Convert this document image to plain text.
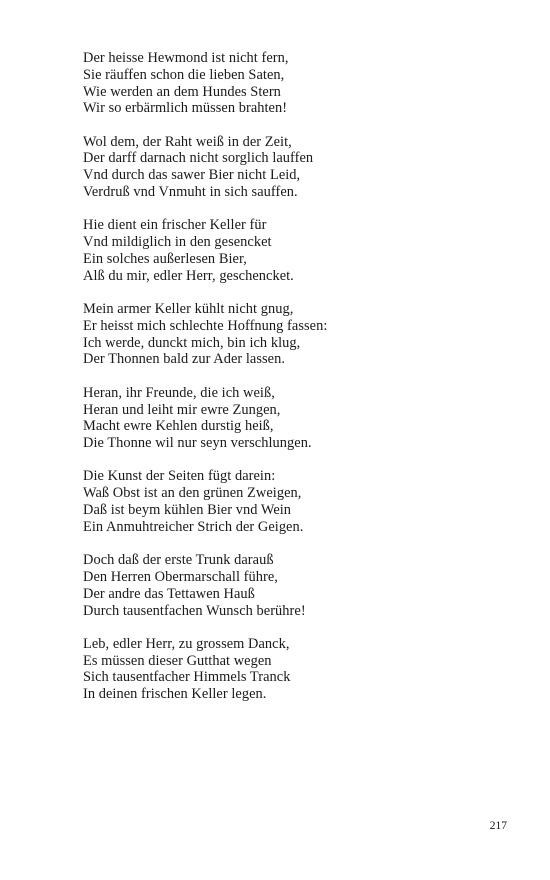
Der heisse Hewmond ist nicht fern,
Sie räuffen schon die lieben Saten,
Wie werden an dem Hundes Stern
Wir so erbärmlich müssen brahten!
Wol dem, der Raht weiß in der Zeit,
Der darff darnach nicht sorglich lauffen
Vnd durch das sawer Bier nicht Leid,
Verdruß vnd Vnmuht in sich sauffen.
Hie dient ein frischer Keller für
Vnd mildiglich in den gesencket
Ein solches außerlesen Bier,
Alß du mir, edler Herr, geschencket.
Mein armer Keller kühlt nicht gnug,
Er heisst mich schlechte Hoffnung fassen:
Ich werde, dunckt mich, bin ich klug,
Der Thonnen bald zur Ader lassen.
Heran, ihr Freunde, die ich weiß,
Heran und leiht mir ewre Zungen,
Macht ewre Kehlen durstig heiß,
Die Thonne wil nur seyn verschlungen.
Die Kunst der Seiten fügt darein:
Waß Obst ist an den grünen Zweigen,
Daß ist beym kühlen Bier vnd Wein
Ein Anmuhtreicher Strich der Geigen.
Doch daß der erste Trunk darauß
Den Herren Obermarschall führe,
Der andre das Tettawen Hauß
Durch tausentfachen Wunsch berühre!
Leb, edler Herr, zu grossem Danck,
Es müssen dieser Gutthat wegen
Sich tausentfacher Himmels Tranck
In deinen frischen Keller legen.
217
